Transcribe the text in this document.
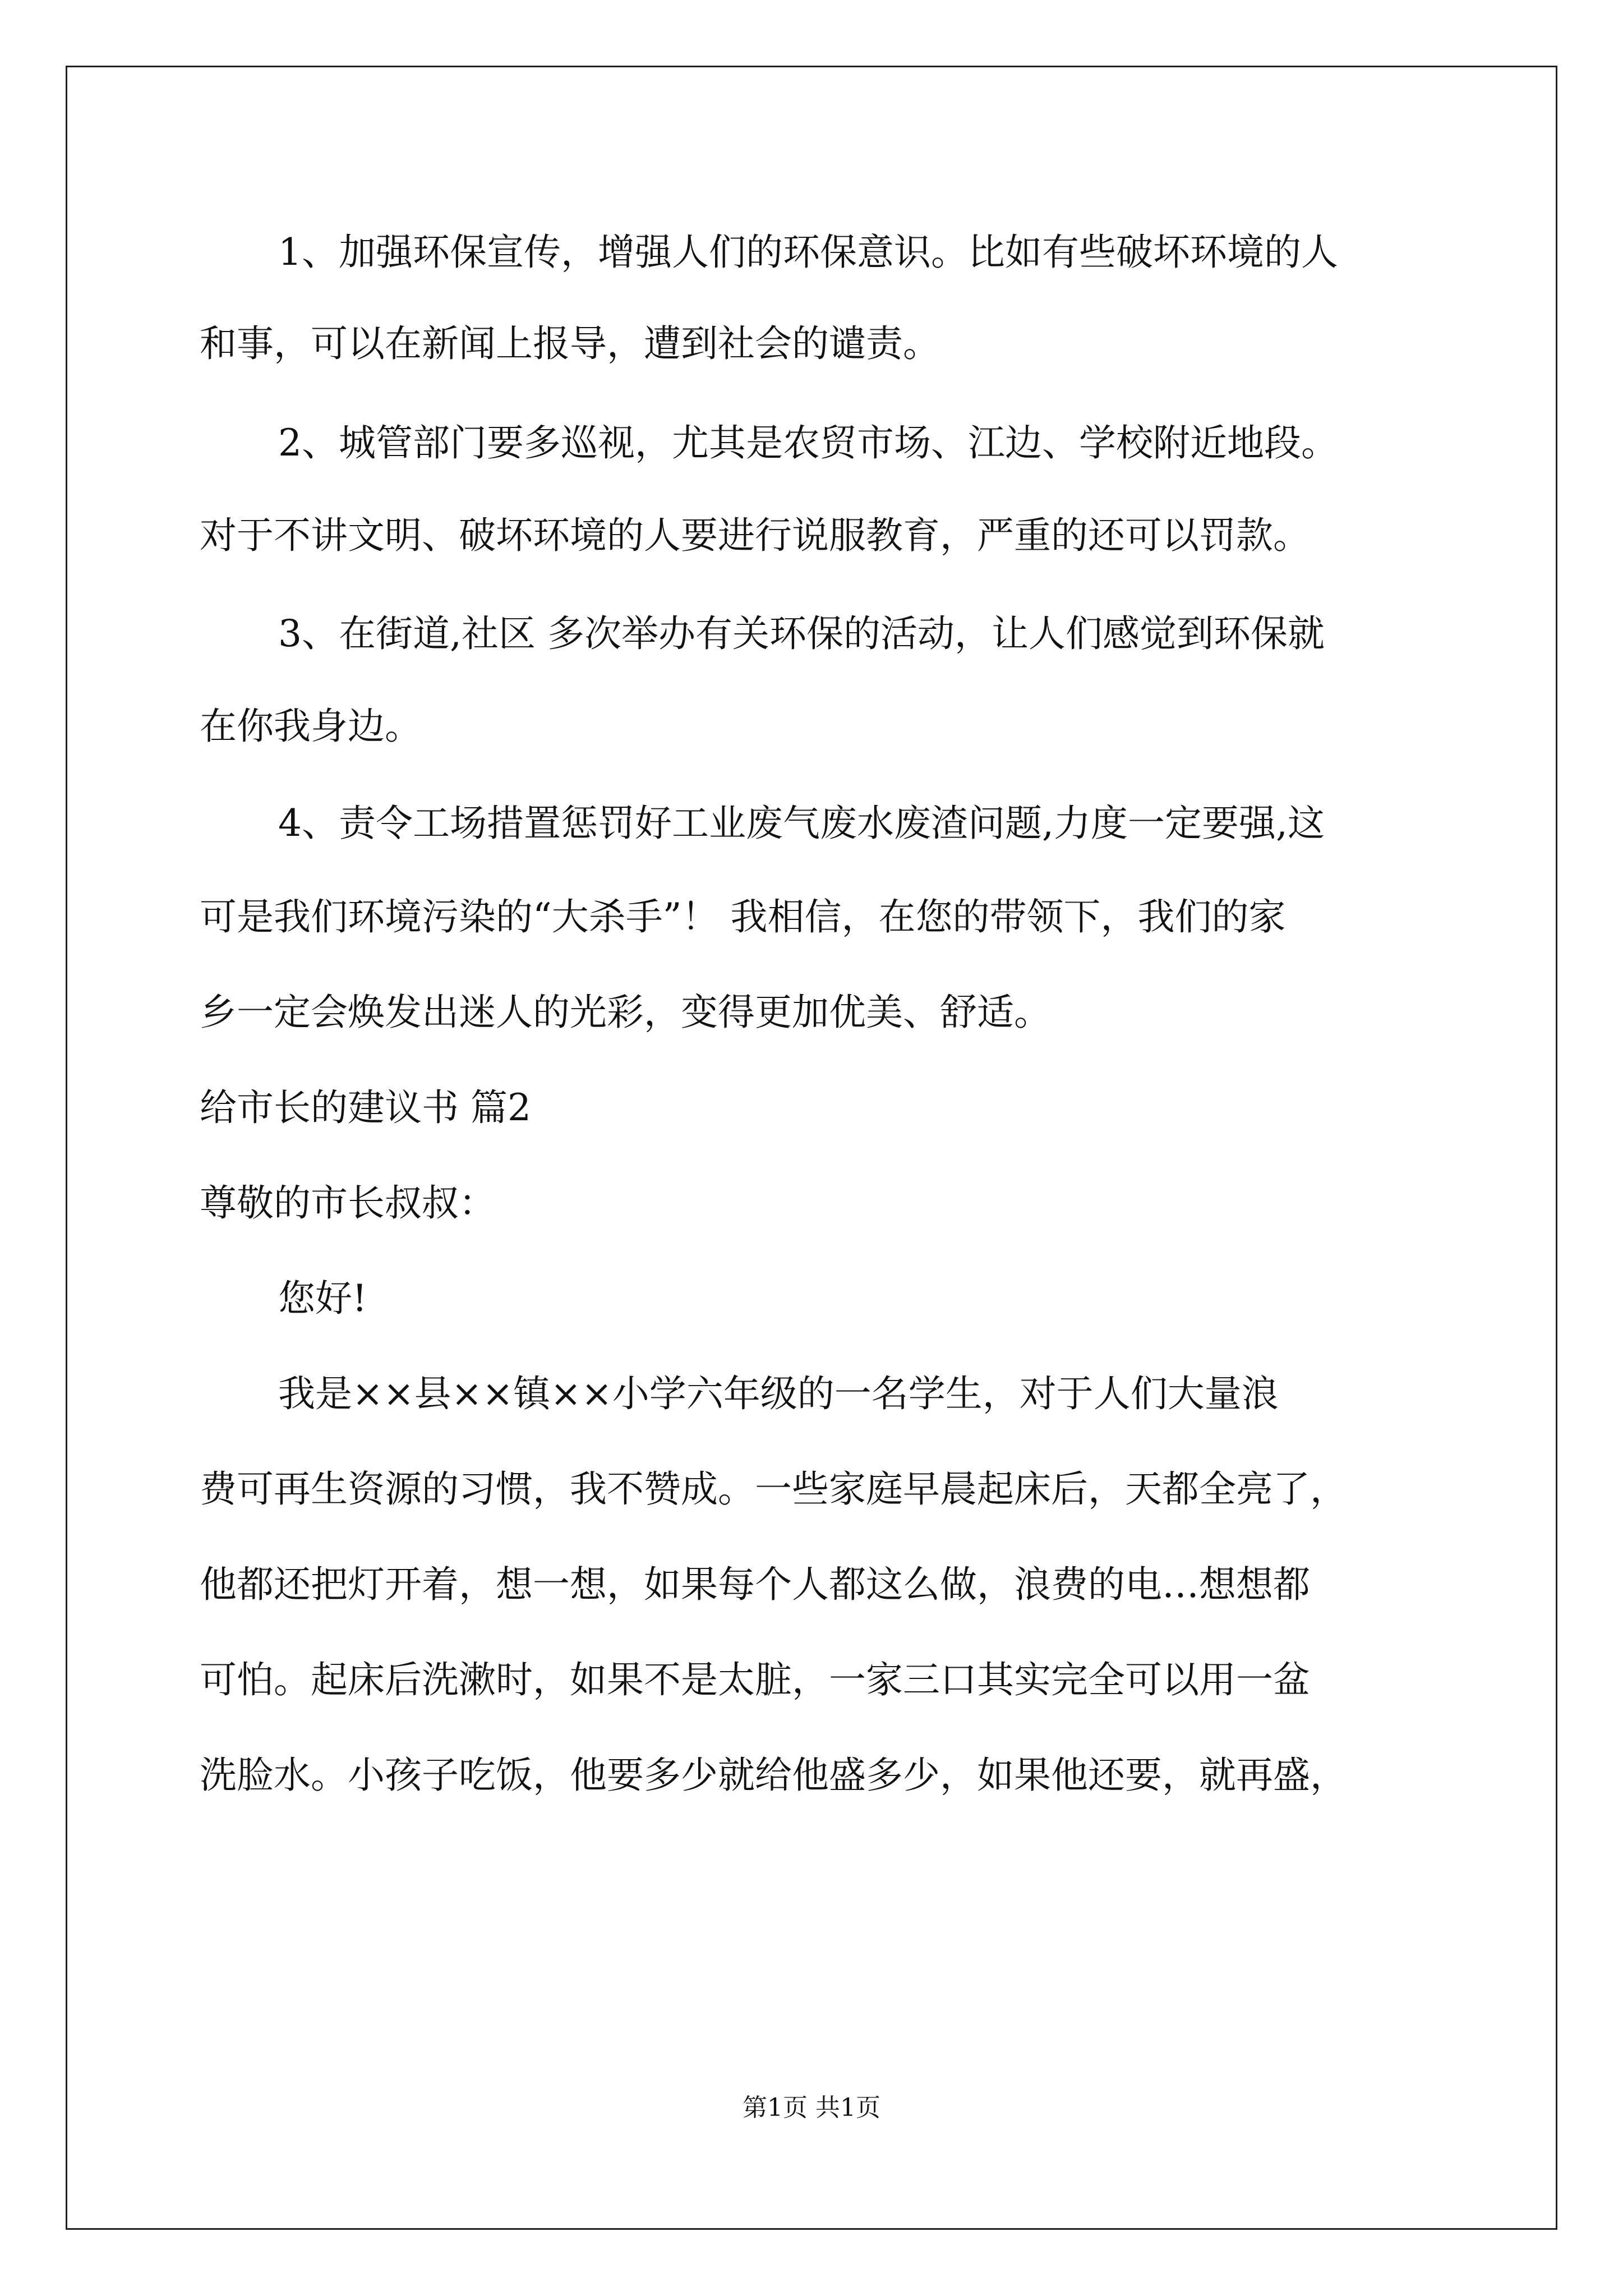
1、加强环保宣传，增强人们的环保意识。比如有些破坏环境的人

和事，可以在新闻上报导，遭到社会的谴责。

2、城管部门要多巡视，尤其是农贸市场、江边、学校附近地段。

对于不讲文明、破坏环境的人要进行说服教育，严重的还可以罚款。

3、在街道,社区 多次举办有关环保的活动，让人们感觉到环保就

在你我身边。

4、责令工场措置惩罚好工业废气废水废渣问题,力度一定要强,这

可是我们环境污染的“大杀手”！ 我相信，在您的带领下，我们的家

乡一定会焕发出迷人的光彩，变得更加优美、舒适。

给市长的建议书 篇2

尊敬的市长叔叔：

您好!

我是××县××镇××小学六年级的一名学生，对于人们大量浪

费可再生资源的习惯，我不赞成。一些家庭早晨起床后，天都全亮了，

他都还把灯开着，想一想，如果每个人都这么做，浪费的电…想想都

可怕。起床后洗漱时，如果不是太脏，一家三口其实完全可以用一盆

洗脸水。小孩子吃饭，他要多少就给他盛多少，如果他还要，就再盛，

第1页 共1页
